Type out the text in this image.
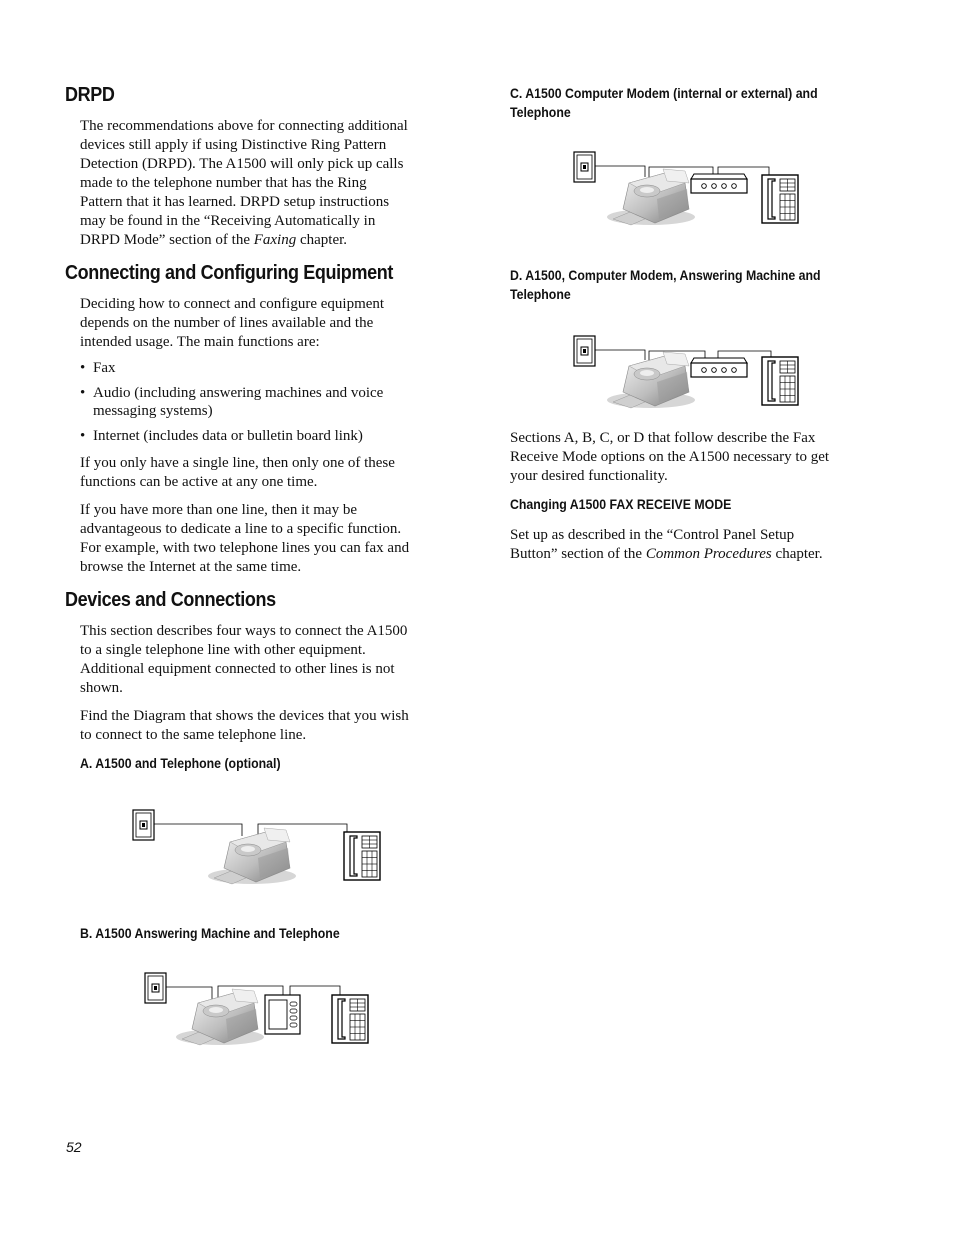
DRPD
The recommendations above for connecting additional
devices still apply if using Distinctive Ring Pattern
Detection (DRPD). The A1500 will only pick up calls
made to the telephone number that has the Ring
Pattern that it has learned. DRPD setup instructions
may be found in the “Receiving Automatically in
DRPD Mode” section of the Faxing chapter.
Connecting and Configuring Equipment
Deciding how to connect and configure equipment
depends on the number of lines available and the
intended usage. The main functions are:
• Fax
• Audio (including answering machines and voice
messaging systems)
• Internet (includes data or bulletin board link)
If you only have a single line, then only one of these
functions can be active at any one time.
If you have more than one line, then it may be
advantageous to dedicate a line to a specific function.
For example, with two telephone lines you can fax and
browse the Internet at the same time.
Devices and Connections
This section describes four ways to connect the A1500
to a single telephone line with other equipment.
Additional equipment connected to other lines is not
shown.
Find the Diagram that shows the devices that you wish
to connect to the same telephone line.
A. A1500 and Telephone (optional)
B. A1500 Answering Machine and Telephone
C. A1500 Computer Modem (internal or external) and
Telephone
D. A1500, Computer Modem, Answering Machine and
Telephone
Sections A, B, C, or D that follow describe the Fax
Receive Mode options on the A1500 necessary to get
your desired functionality.
Changing A1500 FAX RECEIVE MODE
Set up as described in the “Control Panel Setup
Button” section of the Common Procedures chapter.
52
